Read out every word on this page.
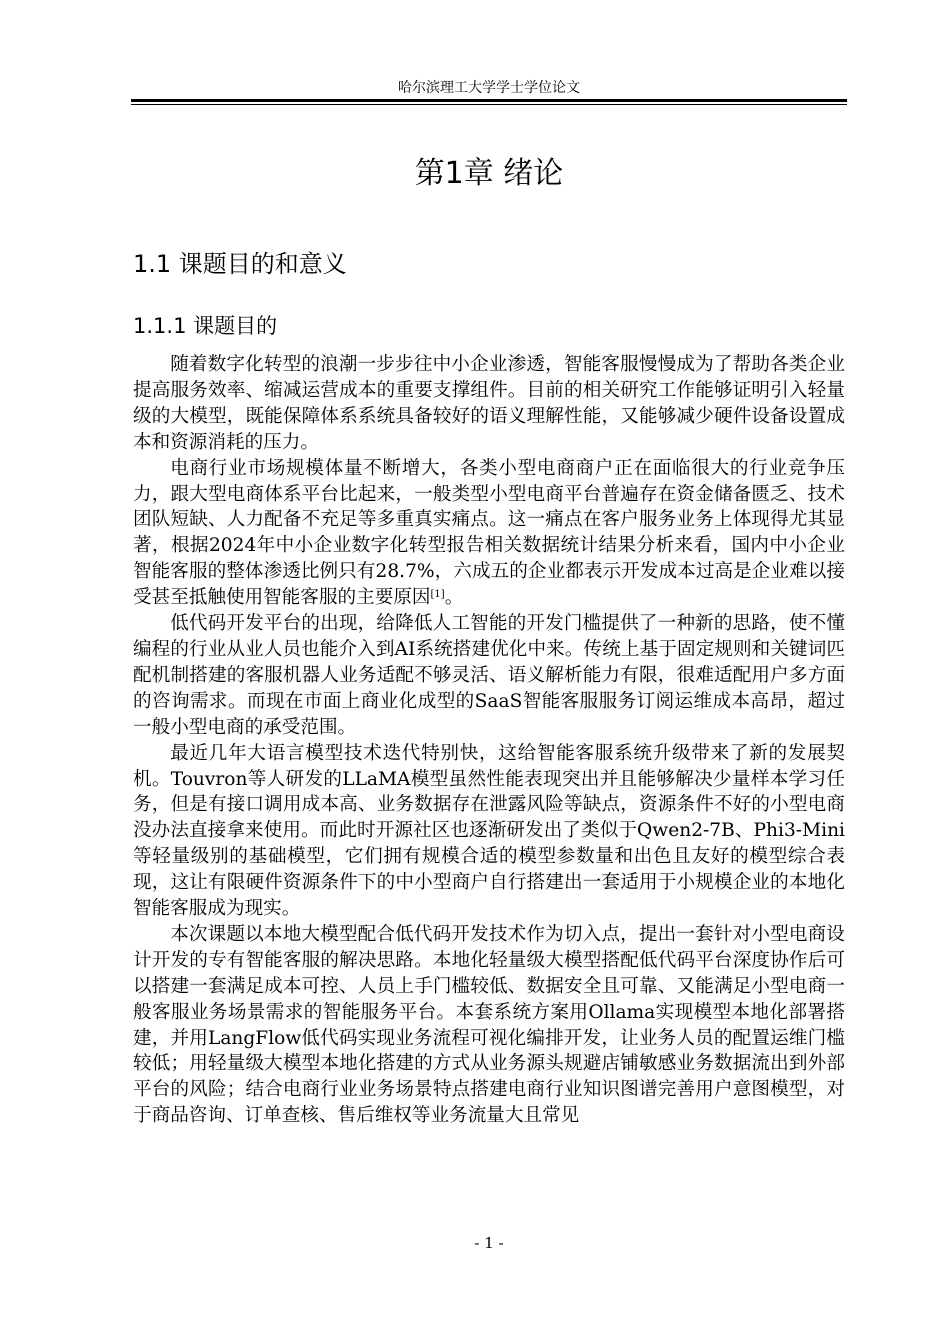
哈尔滨理工大学学士学位论文
第1章 绪论
1.1 课题目的和意义
1.1.1 课题目的

随着数字化转型的浪潮一步步往中小企业渗透，智能客服慢慢成为了帮助各类企业提高服务效率、缩减运营成本的重要支撑组件。目前的相关研究工作能够证明引入轻量级的大模型，既能保障体系系统具备较好的语义理解性能，又能够减少硬件设备设置成本和资源消耗的压力。

电商行业市场规模体量不断增大，各类小型电商商户正在面临很大的行业竞争压力，跟大型电商体系平台比起来，一般类型小型电商平台普遍存在资金储备匮乏、技术团队短缺、人力配备不充足等多重真实痛点。这一痛点在客户服务业务上体现得尤其显著，根据2024年中小企业数字化转型报告相关数据统计结果分析来看，国内中小企业智能客服的整体渗透比例只有28.7%，六成五的企业都表示开发成本过高是企业难以接受甚至抵触使用智能客服的主要原因[1]。

低代码开发平台的出现，给降低人工智能的开发门槛提供了一种新的思路，使不懂编程的行业从业人员也能介入到AI系统搭建优化中来。传统上基于固定规则和关键词匹配机制搭建的客服机器人业务适配不够灵活、语义解析能力有限，很难适配用户多方面的咨询需求。而现在市面上商业化成型的SaaS智能客服服务订阅运维成本高昂，超过一般小型电商的承受范围。

最近几年大语言模型技术迭代特别快，这给智能客服系统升级带来了新的发展契机。Touvron等人研发的LLaMA模型虽然性能表现突出并且能够解决少量样本学习任务，但是有接口调用成本高、业务数据存在泄露风险等缺点，资源条件不好的小型电商没办法直接拿来使用。而此时开源社区也逐渐研发出了类似于Qwen2-7B、Phi3-Mini等轻量级别的基础模型，它们拥有规模合适的模型参数量和出色且友好的模型综合表现，这让有限硬件资源条件下的中小型商户自行搭建出一套适用于小规模企业的本地化智能客服成为现实。

本次课题以本地大模型配合低代码开发技术作为切入点，提出一套针对小型电商设计开发的专有智能客服的解决思路。本地化轻量级大模型搭配低代码平台深度协作后可以搭建一套满足成本可控、人员上手门槛较低、数据安全且可靠、又能满足小型电商一般客服业务场景需求的智能服务平台。本套系统方案用Ollama实现模型本地化部署搭建，并用LangFlow低代码实现业务流程可视化编排开发，让业务人员的配置运维门槛较低；用轻量级大模型本地化搭建的方式从业务源头规避店铺敏感业务数据流出到外部平台的风险；结合电商行业业务场景特点搭建电商行业知识图谱完善用户意图模型，对于商品咨询、订单查核、售后维权等业务流量大且常见

- 1 -
